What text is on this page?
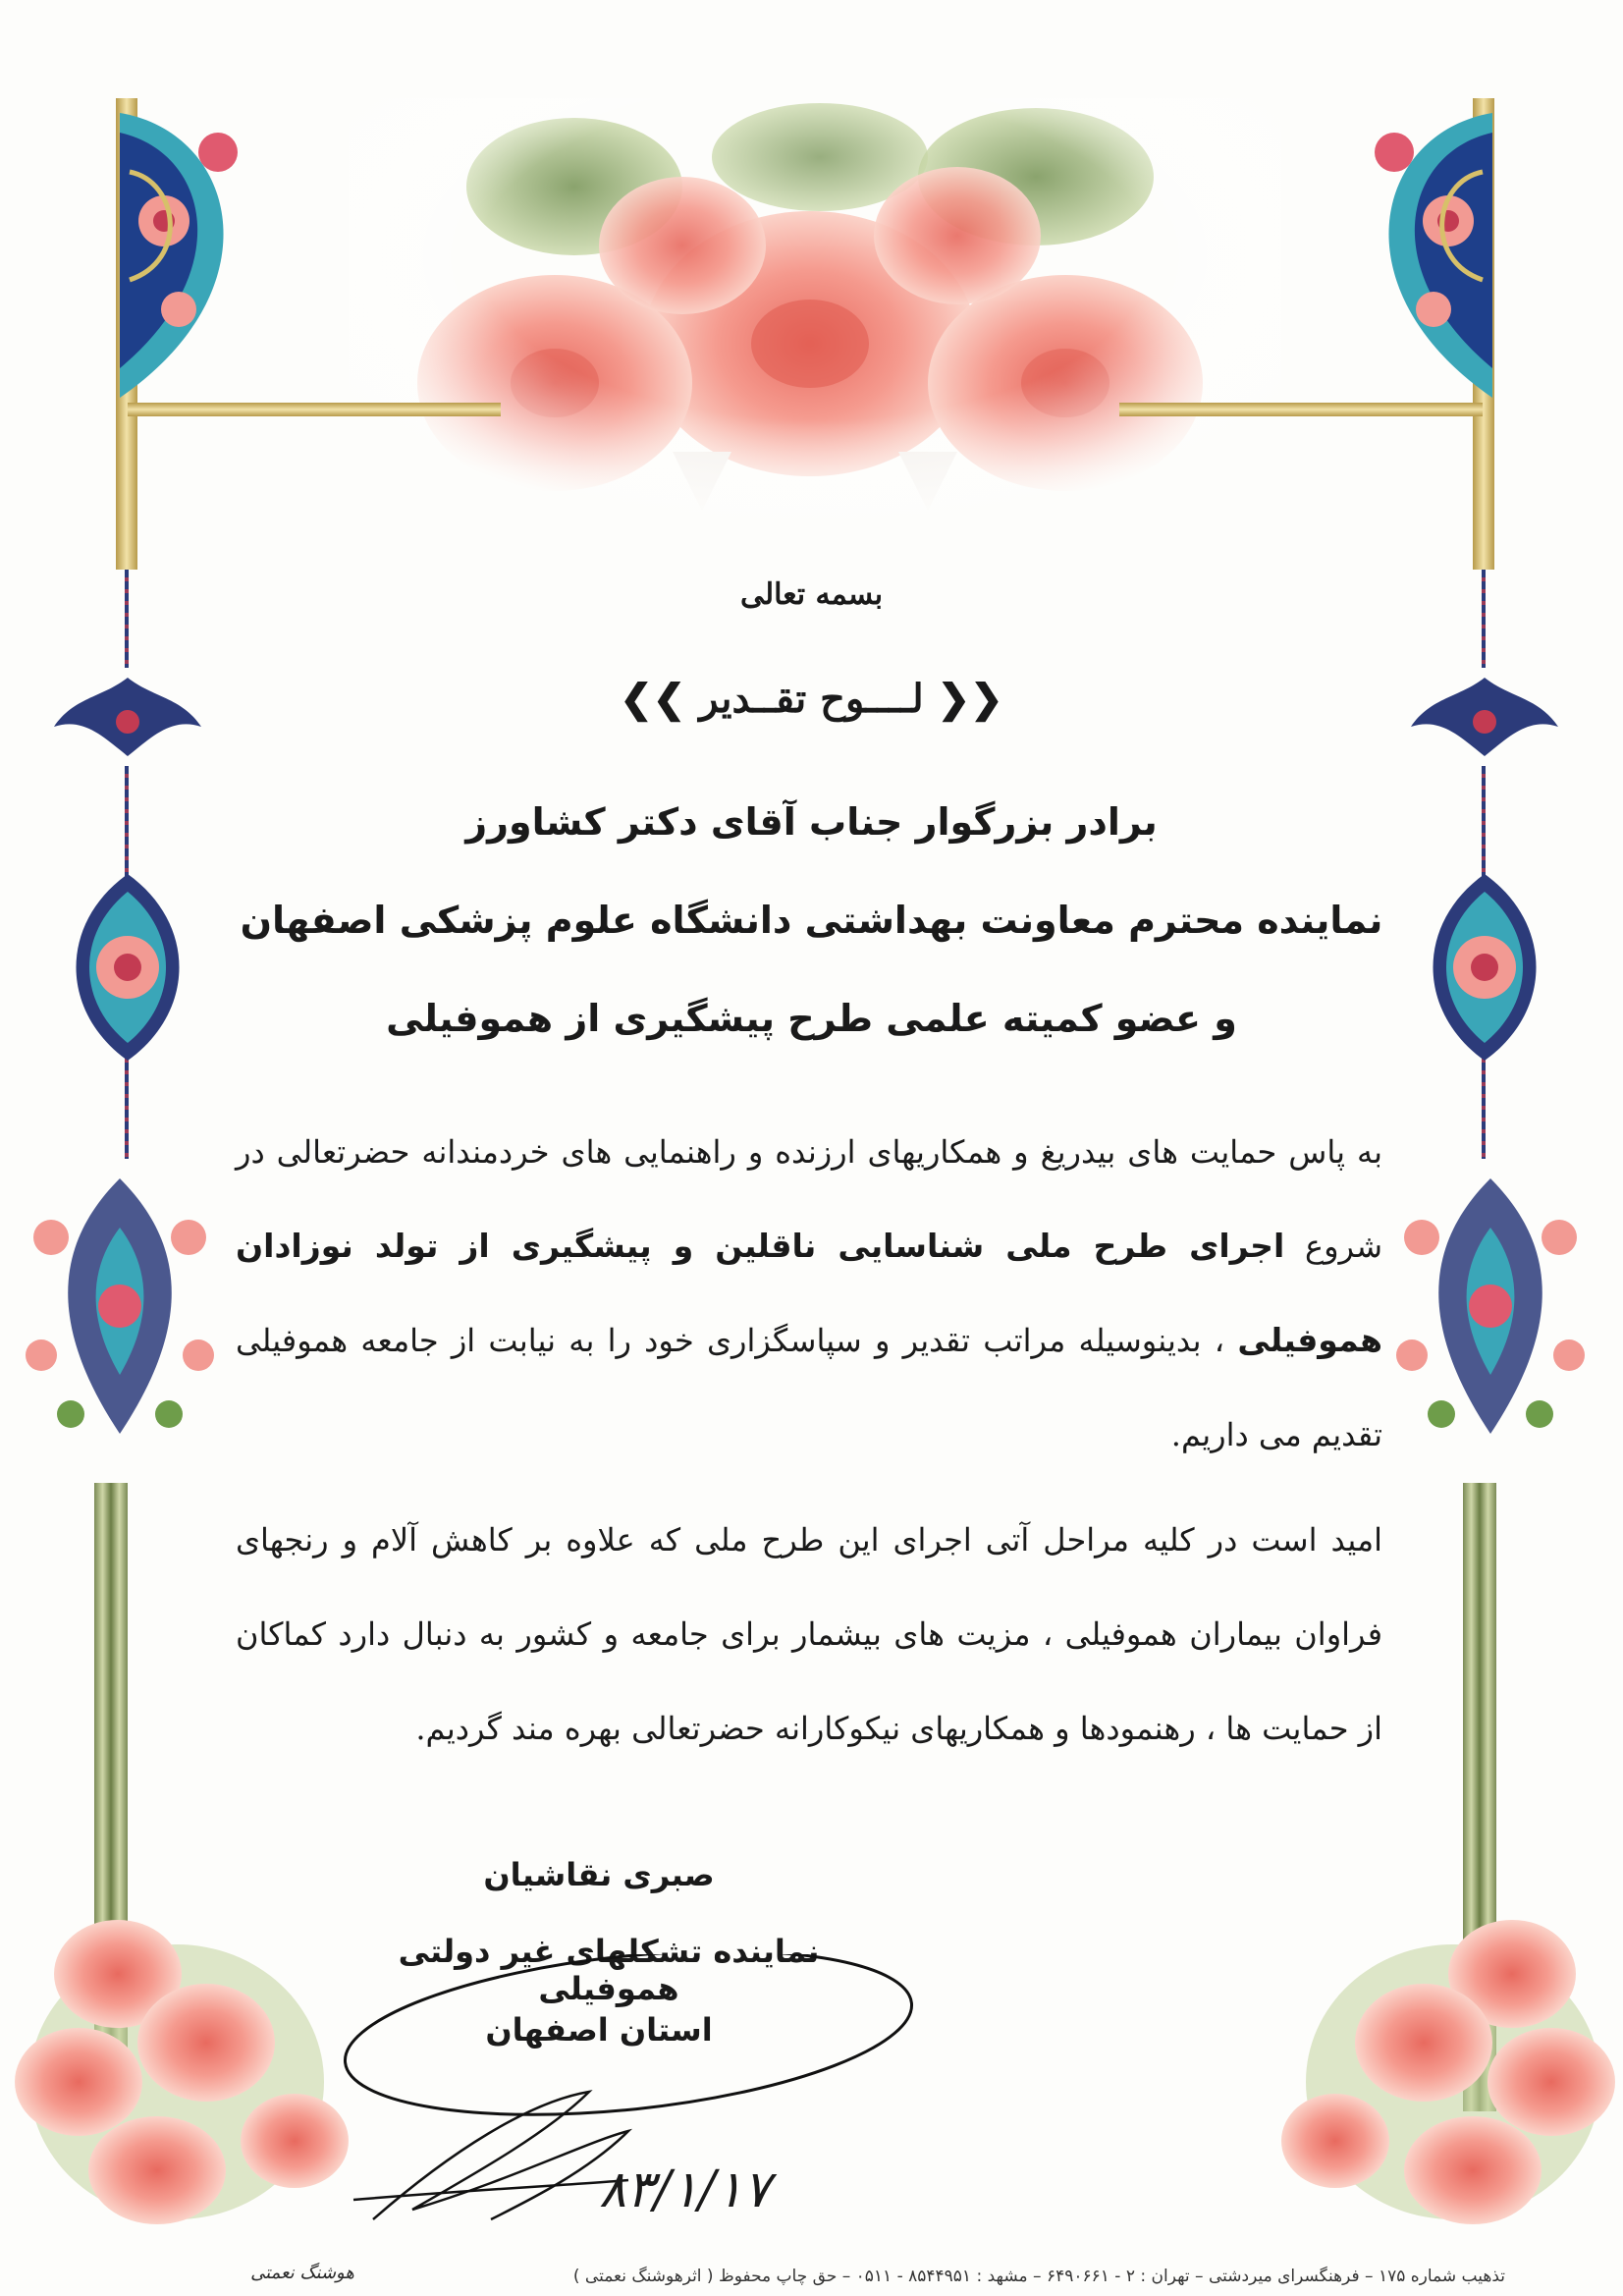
بسمه تعالی
❮❮ لــــوح تقــدیر ❯❯
برادر بزرگوار جناب آقای دکتر کشاورز
نماینده محترم معاونت بهداشتی دانشگاه علوم پزشکی اصفهان
و عضو کمیته علمی طرح پیشگیری از هموفیلی
به پاس حمایت های بیدریغ و همکاریهای ارزنده و راهنمایی های خردمندانه حضرتعالی در شروع اجرای طرح ملی شناسایی ناقلین و پیشگیری از تولد نوزادان هموفیلی ، بدینوسیله مراتب تقدیر و سپاسگزاری خود را به نیابت از جامعه هموفیلی تقدیم می داریم.
امید است در کلیه مراحل آتی اجرای این طرح ملی که علاوه بر کاهش آلام و رنجهای فراوان بیماران هموفیلی ، مزیت های بیشمار برای جامعه و کشور به دنبال دارد کماکان از حمایت ها ، رهنمودها و همکاریهای نیکوکارانه حضرتعالی بهره مند گردیم.
صبری نقاشیان
نماینده تشکلهای غیر دولتی هموفیلی
استان اصفهان
۸۳/۱/۱۷
هوشنگ نعمتی	تذهیب شماره ۱۷۵ – فرهنگسرای میردشتی – تهران : ۲ - ۶۴۹۰۶۶۱ – مشهد : ۸۵۴۴۹۵۱ - ۰۵۱۱ – حق چاپ محفوظ ( اثرهوشنگ نعمتی )
